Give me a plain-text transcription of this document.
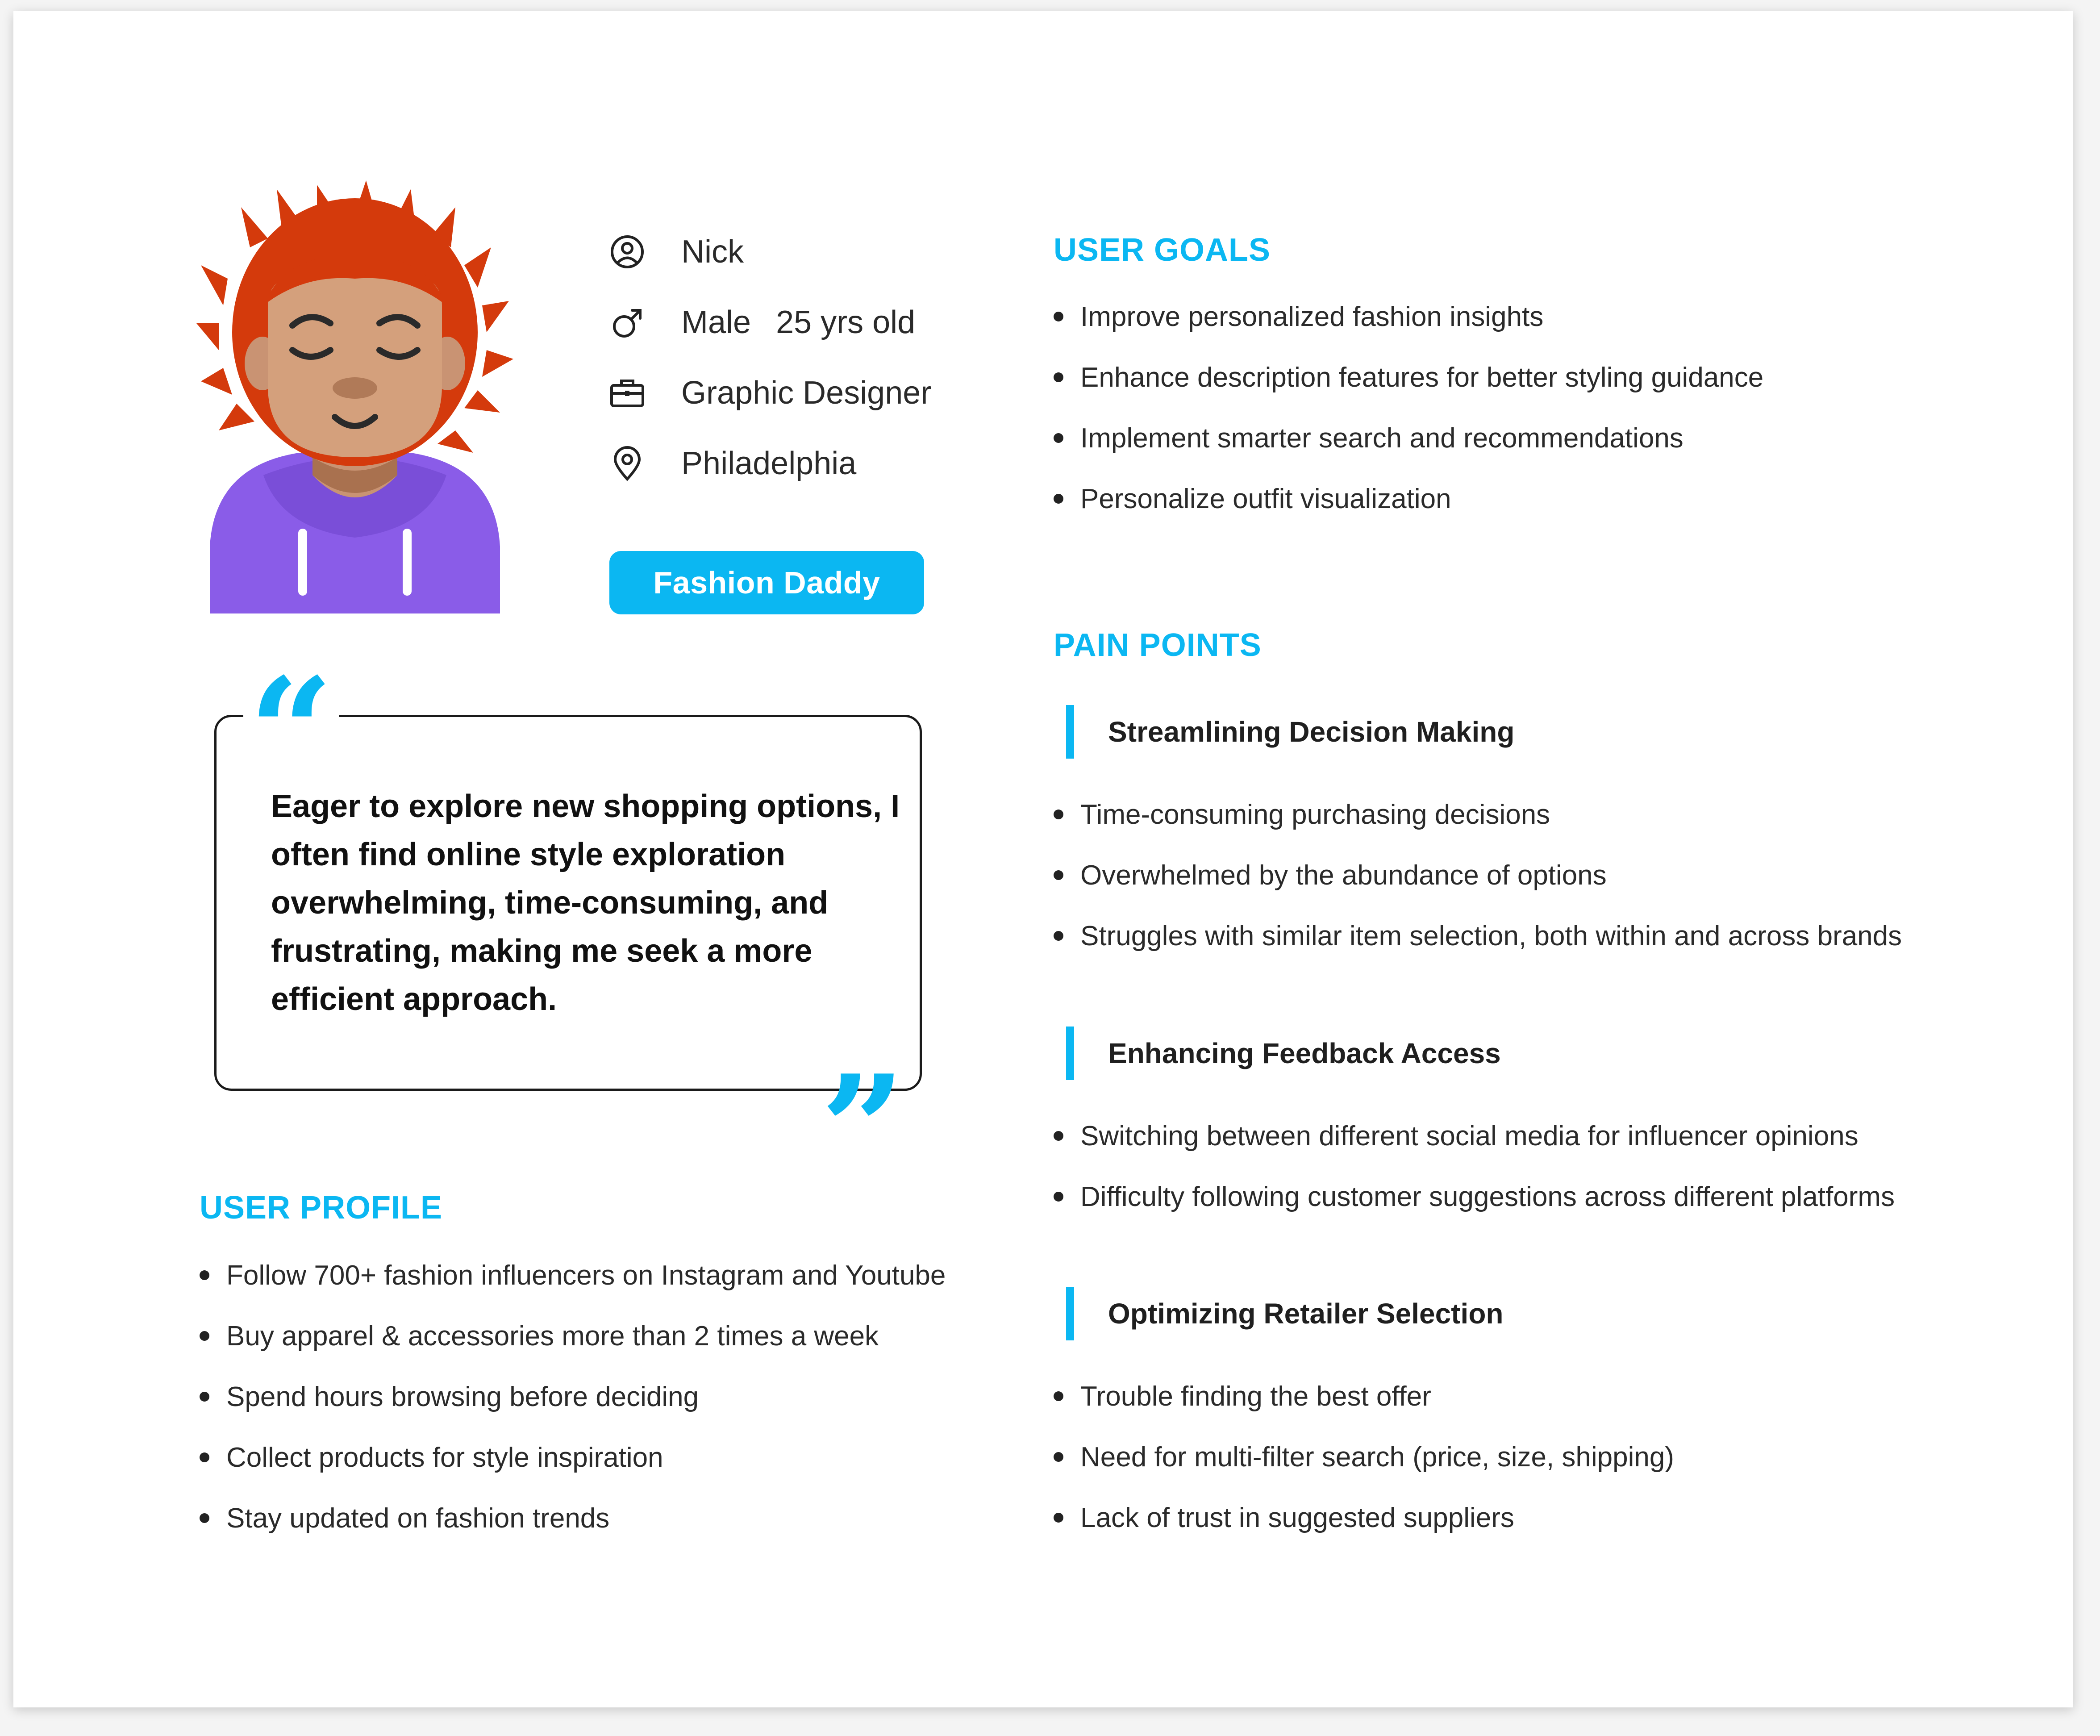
Nick
Male 25 yrs old
Graphic Designer
Philadelphia
Fashion Daddy
“
”
Eager to explore new shopping options, I often find online style exploration overwhelming, time-consuming, and frustrating, making me seek a more efficient approach.
USER PROFILE
Follow 700+ fashion influencers on Instagram and Youtube
Buy apparel & accessories more than 2 times a week
Spend hours browsing before deciding
Collect products for style inspiration
Stay updated on fashion trends
USER GOALS
Improve personalized fashion insights
Enhance description features for better styling guidance
Implement smarter search and recommendations
Personalize outfit visualization
PAIN POINTS
Streamlining Decision Making
Time-consuming purchasing decisions
Overwhelmed by the abundance of options
Struggles with similar item selection, both within and across brands
Enhancing Feedback Access
Switching between different social media for influencer opinions
Difficulty following customer suggestions across different platforms
Optimizing Retailer Selection
Trouble finding the best offer
Need for multi-filter search (price, size, shipping)
Lack of trust in suggested suppliers
